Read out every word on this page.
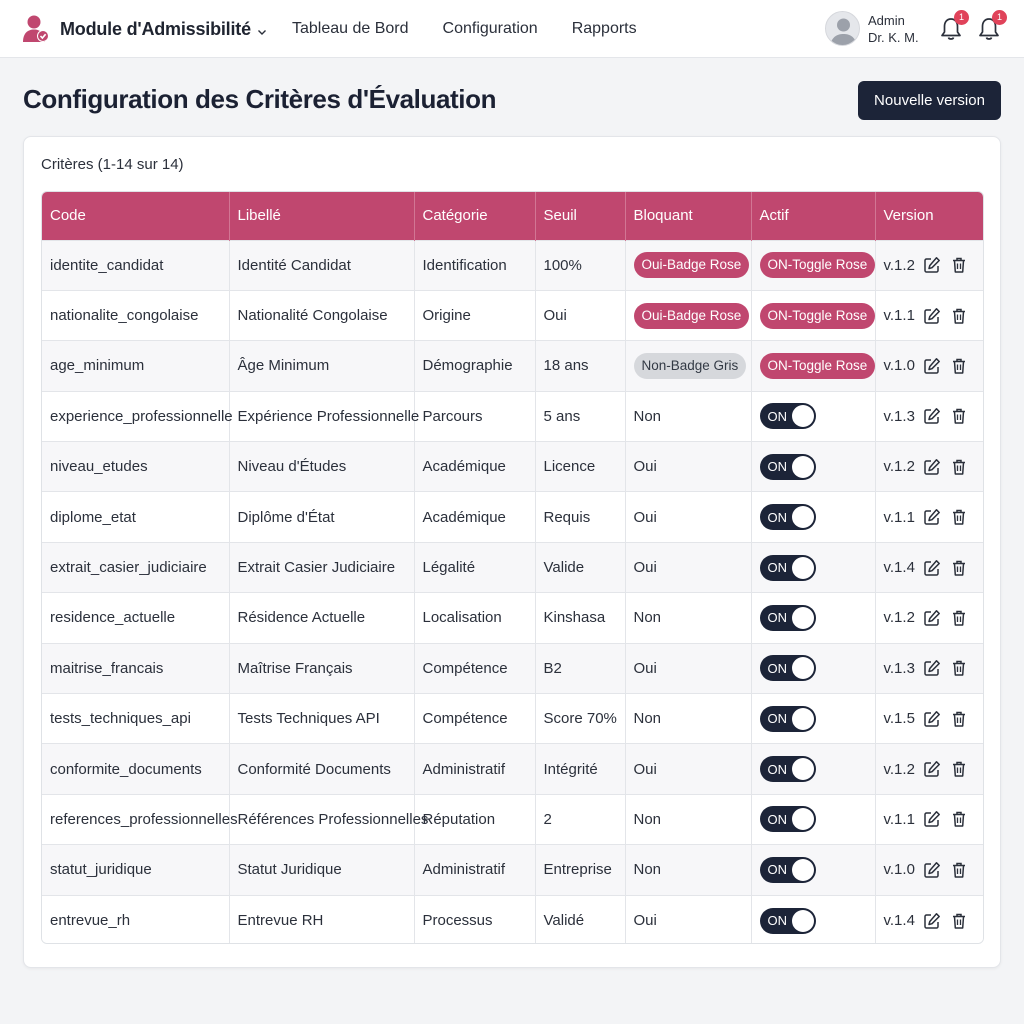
Module d'Admissibilité	Tableau de Bord Configuration Rapports	Admin
Dr. K. M.
1	1
Configuration des Critères d'Évaluation	Nouvelle version
Critères (1-14 sur 14)
Code	Libellé	Catégorie	Seuil	Bloquant	Actif	Version
identite_candidat	Identité Candidat	Identification	100%	Oui-Badge Rose	ON-Toggle Rose	v.1.2

nationalite_congolaise	Nationalité Congolaise	Origine	Oui	Oui-Badge Rose	ON-Toggle Rose	v.1.1

age_minimum	Âge Minimum	Démographie	18 ans	Non-Badge Gris	ON-Toggle Rose	v.1.0

experience_professionnelle	Expérience Professionnelle	Parcours	5 ans	Non	ON	v.1.3

niveau_etudes	Niveau d'Études	Académique	Licence	Oui	ON	v.1.2

diplome_etat	Diplôme d'État	Académique	Requis	Oui	ON	v.1.1

extrait_casier_judiciaire	Extrait Casier Judiciaire	Légalité	Valide	Oui	ON	v.1.4

residence_actuelle	Résidence Actuelle	Localisation	Kinshasa	Non	ON	v.1.2

maitrise_francais	Maîtrise Français	Compétence	B2	Oui	ON	v.1.3

tests_techniques_api	Tests Techniques API	Compétence	Score 70%	Non	ON	v.1.5

conformite_documents	Conformité Documents	Administratif	Intégrité	Oui	ON	v.1.2

references_professionnelles	Références Professionnelles	Réputation	2	Non	ON	v.1.1

statut_juridique	Statut Juridique	Administratif	Entreprise	Non	ON	v.1.0

entrevue_rh	Entrevue RH	Processus	Validé	Oui	ON	v.1.4
